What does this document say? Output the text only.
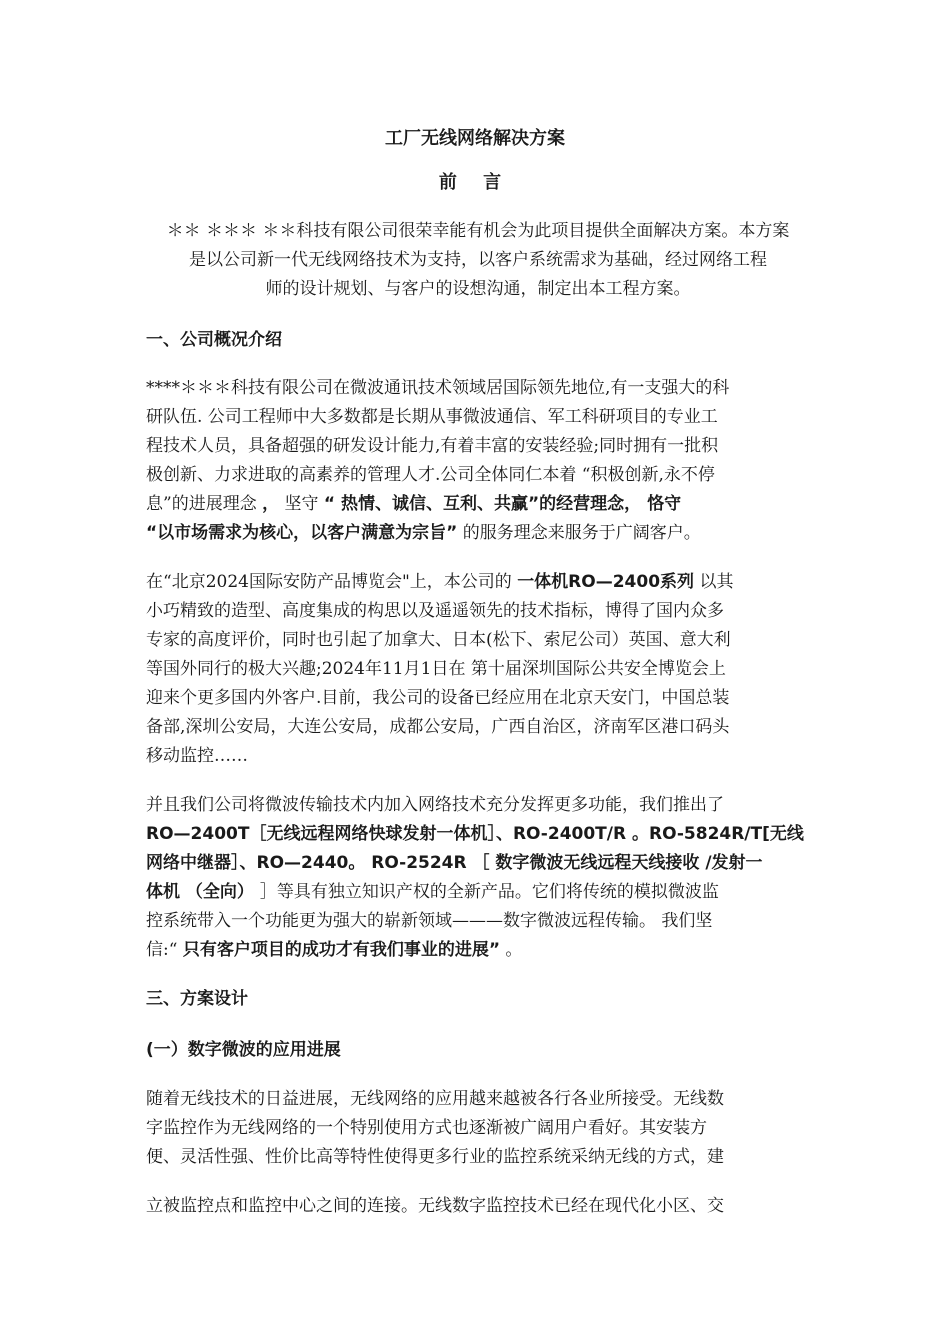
工厂无线网络解决方案
前 言

＊＊ ＊＊＊ ＊＊科技有限公司很荣幸能有机会为此项目提供全面解决方案。本方案
是以公司新一代无线网络技术为支持，以客户系统需求为基础，经过网络工程
师的设计规划、与客户的设想沟通，制定出本工程方案。

一、公司概况介绍

****＊＊＊科技有限公司在微波通讯技术领域居国际领先地位,有一支强大的科
研队伍. 公司工程师中大多数都是长期从事微波通信、军工科研项目的专业工
程技术人员，具备超强的研发设计能力,有着丰富的安装经验;同时拥有一批积
极创新、力求进取的高素养的管理人才.公司全体同仁本着 “积极创新,永不停
息”的进展理念 ， 坚守 “ 热情、诚信、互利、共赢”的经营理念， 恪守
“以市场需求为核心，以客户满意为宗旨” 的服务理念来服务于广阔客户。

在“北京2024国际安防产品博览会"上，本公司的 一体机RO—2400系列 以其
小巧精致的造型、高度集成的构思以及遥遥领先的技术指标，博得了国内众多
专家的高度评价，同时也引起了加拿大、日本(松下、索尼公司）英国、意大利
等国外同行的极大兴趣;2024年11月1日在 第十届深圳国际公共安全博览会上
迎来个更多国内外客户.目前，我公司的设备已经应用在北京天安门，中国总装
备部,深圳公安局，大连公安局，成都公安局，广西自治区，济南军区港口码头
移动监控……

并且我们公司将微波传输技术内加入网络技术充分发挥更多功能，我们推出了
RO—2400T［无线远程网络快球发射一体机］、RO-2400T/R 。RO-5824R/T[无线
网络中继器］、RO—2440。 RO-2524R ［ 数字微波无线远程天线接收 /发射一
体机 （全向） ］等具有独立知识产权的全新产品。它们将传统的模拟微波监
控系统带入一个功能更为强大的崭新领域———数字微波远程传输。 我们坚
信:“ 只有客户项目的成功才有我们事业的进展” 。

三、方案设计
(一）数字微波的应用进展

随着无线技术的日益进展，无线网络的应用越来越被各行各业所接受。无线数
字监控作为无线网络的一个特别使用方式也逐渐被广阔用户看好。其安装方
便、灵活性强、性价比高等特性使得更多行业的监控系统采纳无线的方式，建

立被监控点和监控中心之间的连接。无线数字监控技术已经在现代化小区、交
